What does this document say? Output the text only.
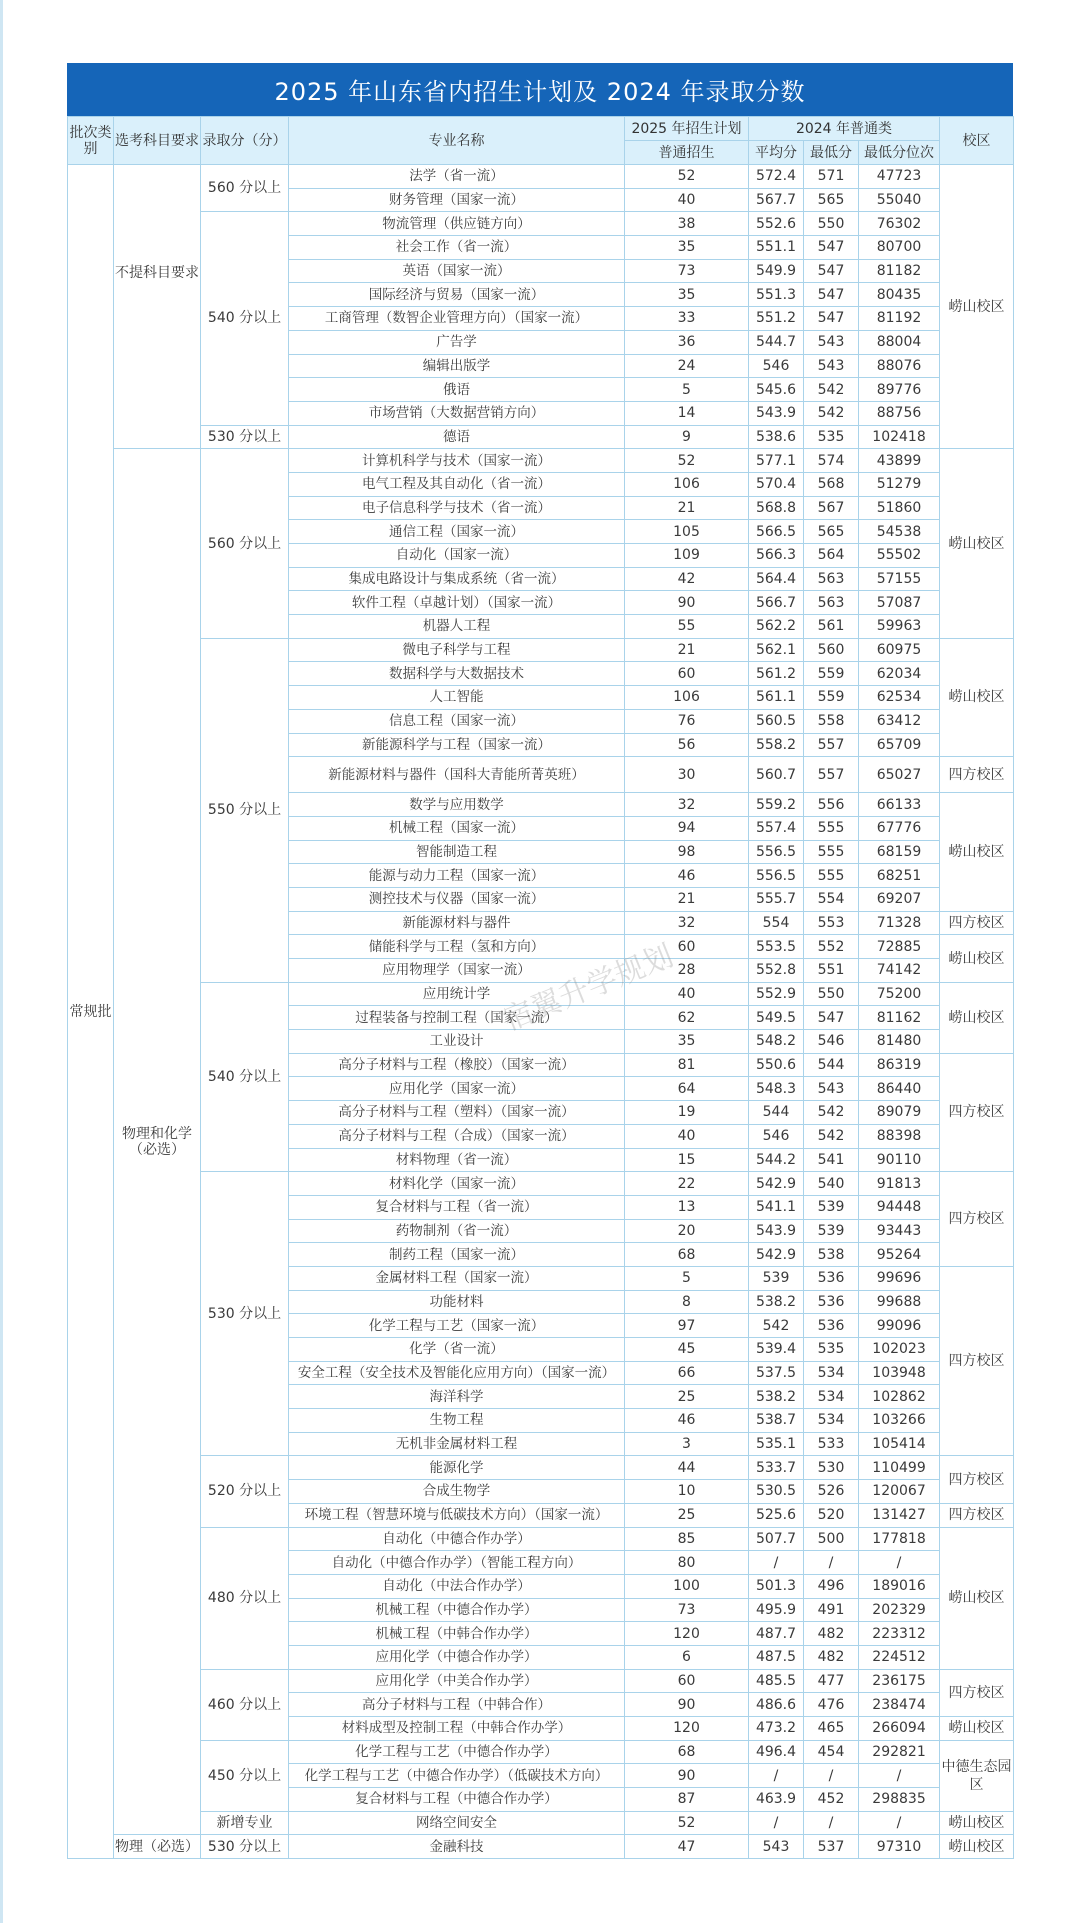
2025 年山东省内招生计划及 2024 年录取分数
批次类别	选考科目要求	录取分（分）	专业名称	2025 年招生计划	2024 年普通类			校区
				普通招生	平均分	最低分	最低分位次	
常规批	不提科目要求	560 分以上	法学（省一流）	52	572.4	571	47723	崂山校区
			财务管理（国家一流）	40	567.7	565	55040	
		540 分以上	物流管理（供应链方向）	38	552.6	550	76302	
			社会工作（省一流）	35	551.1	547	80700	
			英语（国家一流）	73	549.9	547	81182	
			国际经济与贸易（国家一流）	35	551.3	547	80435	
			工商管理（数智企业管理方向）（国家一流）	33	551.2	547	81192	
			广告学	36	544.7	543	88004	
			编辑出版学	24	546	543	88076	
			俄语	5	545.6	542	89776	
			市场营销（大数据营销方向）	14	543.9	542	88756	
		530 分以上	德语	9	538.6	535	102418	
	物理和化学（必选）	560 分以上	计算机科学与技术（国家一流）	52	577.1	574	43899	崂山校区
			电气工程及其自动化（省一流）	106	570.4	568	51279	
			电子信息科学与技术（省一流）	21	568.8	567	51860	
			通信工程（国家一流）	105	566.5	565	54538	
			自动化（国家一流）	109	566.3	564	55502	
			集成电路设计与集成系统（省一流）	42	564.4	563	57155	
			软件工程（卓越计划）（国家一流）	90	566.7	563	57087	
			机器人工程	55	562.2	561	59963	
		550 分以上	微电子科学与工程	21	562.1	560	60975	崂山校区
			数据科学与大数据技术	60	561.2	559	62034	
			人工智能	106	561.1	559	62534	
			信息工程（国家一流）	76	560.5	558	63412	
			新能源科学与工程（国家一流）	56	558.2	557	65709	
			新能源材料与器件（国科大青能所菁英班）	30	560.7	557	65027	四方校区
			数学与应用数学	32	559.2	556	66133	崂山校区
			机械工程（国家一流）	94	557.4	555	67776	
			智能制造工程	98	556.5	555	68159	
			能源与动力工程（国家一流）	46	556.5	555	68251	
			测控技术与仪器（国家一流）	21	555.7	554	69207	
			新能源材料与器件	32	554	553	71328	四方校区
			储能科学与工程（氢和方向）	60	553.5	552	72885	崂山校区
			应用物理学（国家一流）	28	552.8	551	74142	
		540 分以上	应用统计学	40	552.9	550	75200	崂山校区
			过程装备与控制工程（国家一流）	62	549.5	547	81162	
			工业设计	35	548.2	546	81480	
			高分子材料与工程（橡胶）（国家一流）	81	550.6	544	86319	四方校区
			应用化学（国家一流）	64	548.3	543	86440	
			高分子材料与工程（塑料）（国家一流）	19	544	542	89079	
			高分子材料与工程（合成）（国家一流）	40	546	542	88398	
			材料物理（省一流）	15	544.2	541	90110	
		530 分以上	材料化学（国家一流）	22	542.9	540	91813	四方校区
			复合材料与工程（省一流）	13	541.1	539	94448	
			药物制剂（省一流）	20	543.9	539	93443	
			制药工程（国家一流）	68	542.9	538	95264	
			金属材料工程（国家一流）	5	539	536	99696	四方校区
			功能材料	8	538.2	536	99688	
			化学工程与工艺（国家一流）	97	542	536	99096	
			化学（省一流）	45	539.4	535	102023	
			安全工程（安全技术及智能化应用方向）（国家一流）	66	537.5	534	103948	
			海洋科学	25	538.2	534	102862	
			生物工程	46	538.7	534	103266	
			无机非金属材料工程	3	535.1	533	105414	
		520 分以上	能源化学	44	533.7	530	110499	四方校区
			合成生物学	10	530.5	526	120067	
			环境工程（智慧环境与低碳技术方向）（国家一流）	25	525.6	520	131427	四方校区
		480 分以上	自动化（中德合作办学）	85	507.7	500	177818	崂山校区
			自动化（中德合作办学）（智能工程方向）	80	/	/	/	
			自动化（中法合作办学）	100	501.3	496	189016	
			机械工程（中德合作办学）	73	495.9	491	202329	
			机械工程（中韩合作办学）	120	487.7	482	223312	
			应用化学（中德合作办学）	6	487.5	482	224512	
		460 分以上	应用化学（中美合作办学）	60	485.5	477	236175	四方校区
			高分子材料与工程（中韩合作）	90	486.6	476	238474	
			材料成型及控制工程（中韩合作办学）	120	473.2	465	266094	崂山校区
		450 分以上	化学工程与工艺（中德合作办学）	68	496.4	454	292821	中德生态园区
			化学工程与工艺（中德合作办学）（低碳技术方向）	90	/	/	/	
			复合材料与工程（中德合作办学）	87	463.9	452	298835	
		新增专业	网络空间安全	52	/	/	/	崂山校区
	物理（必选）	530 分以上	金融科技	47	543	537	97310	崂山校区
宿翼升学规划
